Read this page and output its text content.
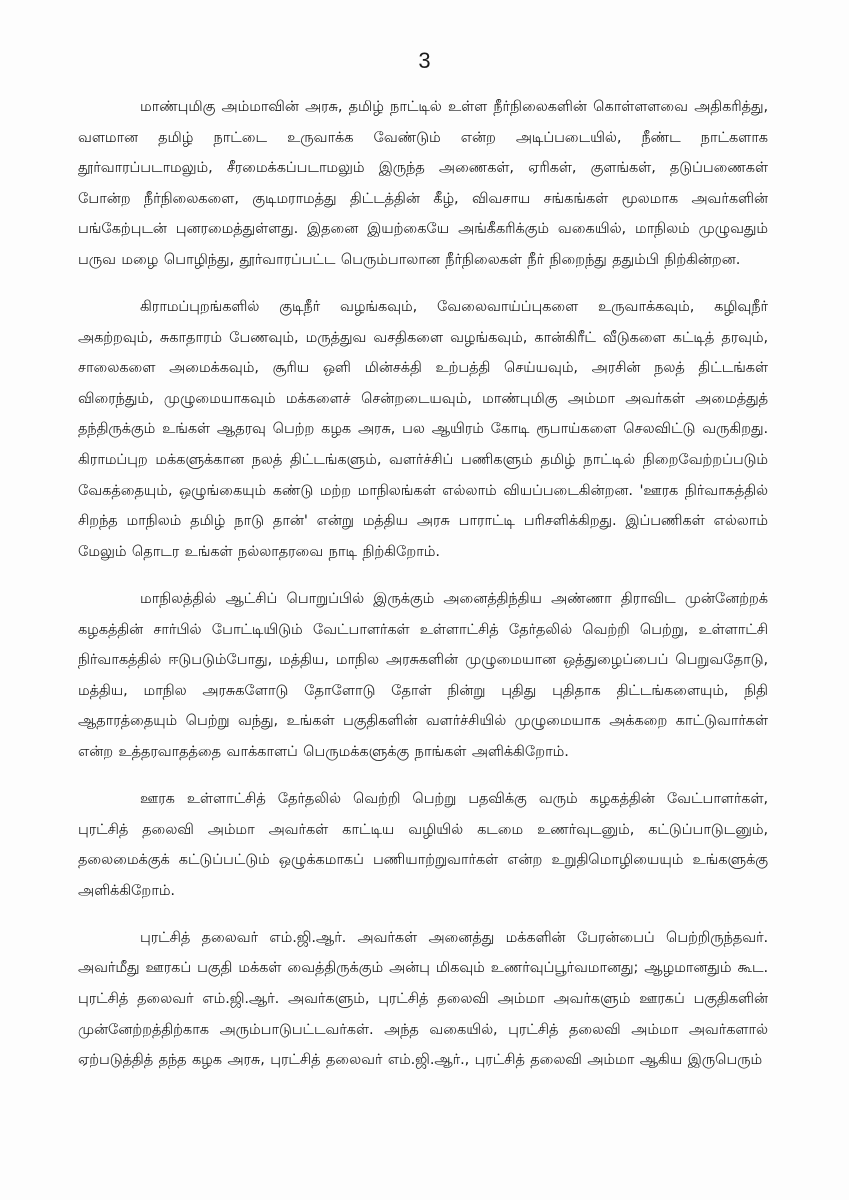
3

மாண்புமிகு அம்மாவின் அரசு, தமிழ் நாட்டில் உள்ள நீர்நிலைகளின் கொள்ளளவை அதிகரித்து, வளமான தமிழ் நாட்டை உருவாக்க வேண்டும் என்ற அடிப்படையில், நீண்ட நாட்களாக தூர்வாரப்படாமலும், சீரமைக்கப்படாமலும் இருந்த அணைகள், ஏரிகள், குளங்கள், தடுப்பணைகள் போன்ற நீர்நிலைகளை, குடிமராமத்து திட்டத்தின் கீழ், விவசாய சங்கங்கள் மூலமாக அவர்களின் பங்கேற்புடன் புனரமைத்துள்ளது. இதனை இயற்கையே அங்கீகரிக்கும் வகையில், மாநிலம் முழுவதும் பருவ மழை பொழிந்து, தூர்வாரப்பட்ட பெரும்பாலான நீர்நிலைகள் நீர் நிறைந்து ததும்பி நிற்கின்றன.

கிராமப்புறங்களில் குடிநீர் வழங்கவும், வேலைவாய்ப்புகளை உருவாக்கவும், கழிவுநீர் அகற்றவும், சுகாதாரம் பேணவும், மருத்துவ வசதிகளை வழங்கவும், கான்கிரீட் வீடுகளை கட்டித் தரவும், சாலைகளை அமைக்கவும், சூரிய ஒளி மின்சக்தி உற்பத்தி செய்யவும், அரசின் நலத் திட்டங்கள் விரைந்தும், முழுமையாகவும் மக்களைச் சென்றடையவும், மாண்புமிகு அம்மா அவர்கள் அமைத்துத் தந்திருக்கும் உங்கள் ஆதரவு பெற்ற கழக அரசு, பல ஆயிரம் கோடி ரூபாய்களை செலவிட்டு வருகிறது. கிராமப்புற மக்களுக்கான நலத் திட்டங்களும், வளர்ச்சிப் பணிகளும் தமிழ் நாட்டில் நிறைவேற்றப்படும் வேகத்தையும், ஒழுங்கையும் கண்டு மற்ற மாநிலங்கள் எல்லாம் வியப்படைகின்றன. 'ஊரக நிர்வாகத்தில் சிறந்த மாநிலம் தமிழ் நாடு தான்' என்று மத்திய அரசு பாராட்டி பரிசளிக்கிறது. இப்பணிகள் எல்லாம் மேலும் தொடர உங்கள் நல்லாதரவை நாடி நிற்கிறோம்.

மாநிலத்தில் ஆட்சிப் பொறுப்பில் இருக்கும் அனைத்திந்திய அண்ணா திராவிட முன்னேற்றக் கழகத்தின் சார்பில் போட்டியிடும் வேட்பாளர்கள் உள்ளாட்சித் தேர்தலில் வெற்றி பெற்று, உள்ளாட்சி நிர்வாகத்தில் ஈடுபடும்போது, மத்திய, மாநில அரசுகளின் முழுமையான ஒத்துழைப்பைப் பெறுவதோடு, மத்திய, மாநில அரசுகளோடு தோளோடு தோள் நின்று புதிது புதிதாக திட்டங்களையும், நிதி ஆதாரத்தையும் பெற்று வந்து, உங்கள் பகுதிகளின் வளர்ச்சியில் முழுமையாக அக்கறை காட்டுவார்கள் என்ற உத்தரவாதத்தை வாக்காளப் பெருமக்களுக்கு நாங்கள் அளிக்கிறோம்.

ஊரக உள்ளாட்சித் தேர்தலில் வெற்றி பெற்று பதவிக்கு வரும் கழகத்தின் வேட்பாளர்கள், புரட்சித் தலைவி அம்மா அவர்கள் காட்டிய வழியில் கடமை உணர்வுடனும், கட்டுப்பாடுடனும், தலைமைக்குக் கட்டுப்பட்டும் ஒழுக்கமாகப் பணியாற்றுவார்கள் என்ற உறுதிமொழியையும் உங்களுக்கு அளிக்கிறோம்.

புரட்சித் தலைவர் எம்.ஜி.ஆர். அவர்கள் அனைத்து மக்களின் பேரன்பைப் பெற்றிருந்தவர். அவர்மீது ஊரகப் பகுதி மக்கள் வைத்திருக்கும் அன்பு மிகவும் உணர்வுப்பூர்வமானது; ஆழமானதும் கூட. புரட்சித் தலைவர் எம்.ஜி.ஆர். அவர்களும், புரட்சித் தலைவி அம்மா அவர்களும் ஊரகப் பகுதிகளின் முன்னேற்றத்திற்காக அரும்பாடுபட்டவர்கள். அந்த வகையில், புரட்சித் தலைவி அம்மா அவர்களால் ஏற்படுத்தித் தந்த கழக அரசு, புரட்சித் தலைவர் எம்.ஜி.ஆர்., புரட்சித் தலைவி அம்மா ஆகிய இருபெரும்
